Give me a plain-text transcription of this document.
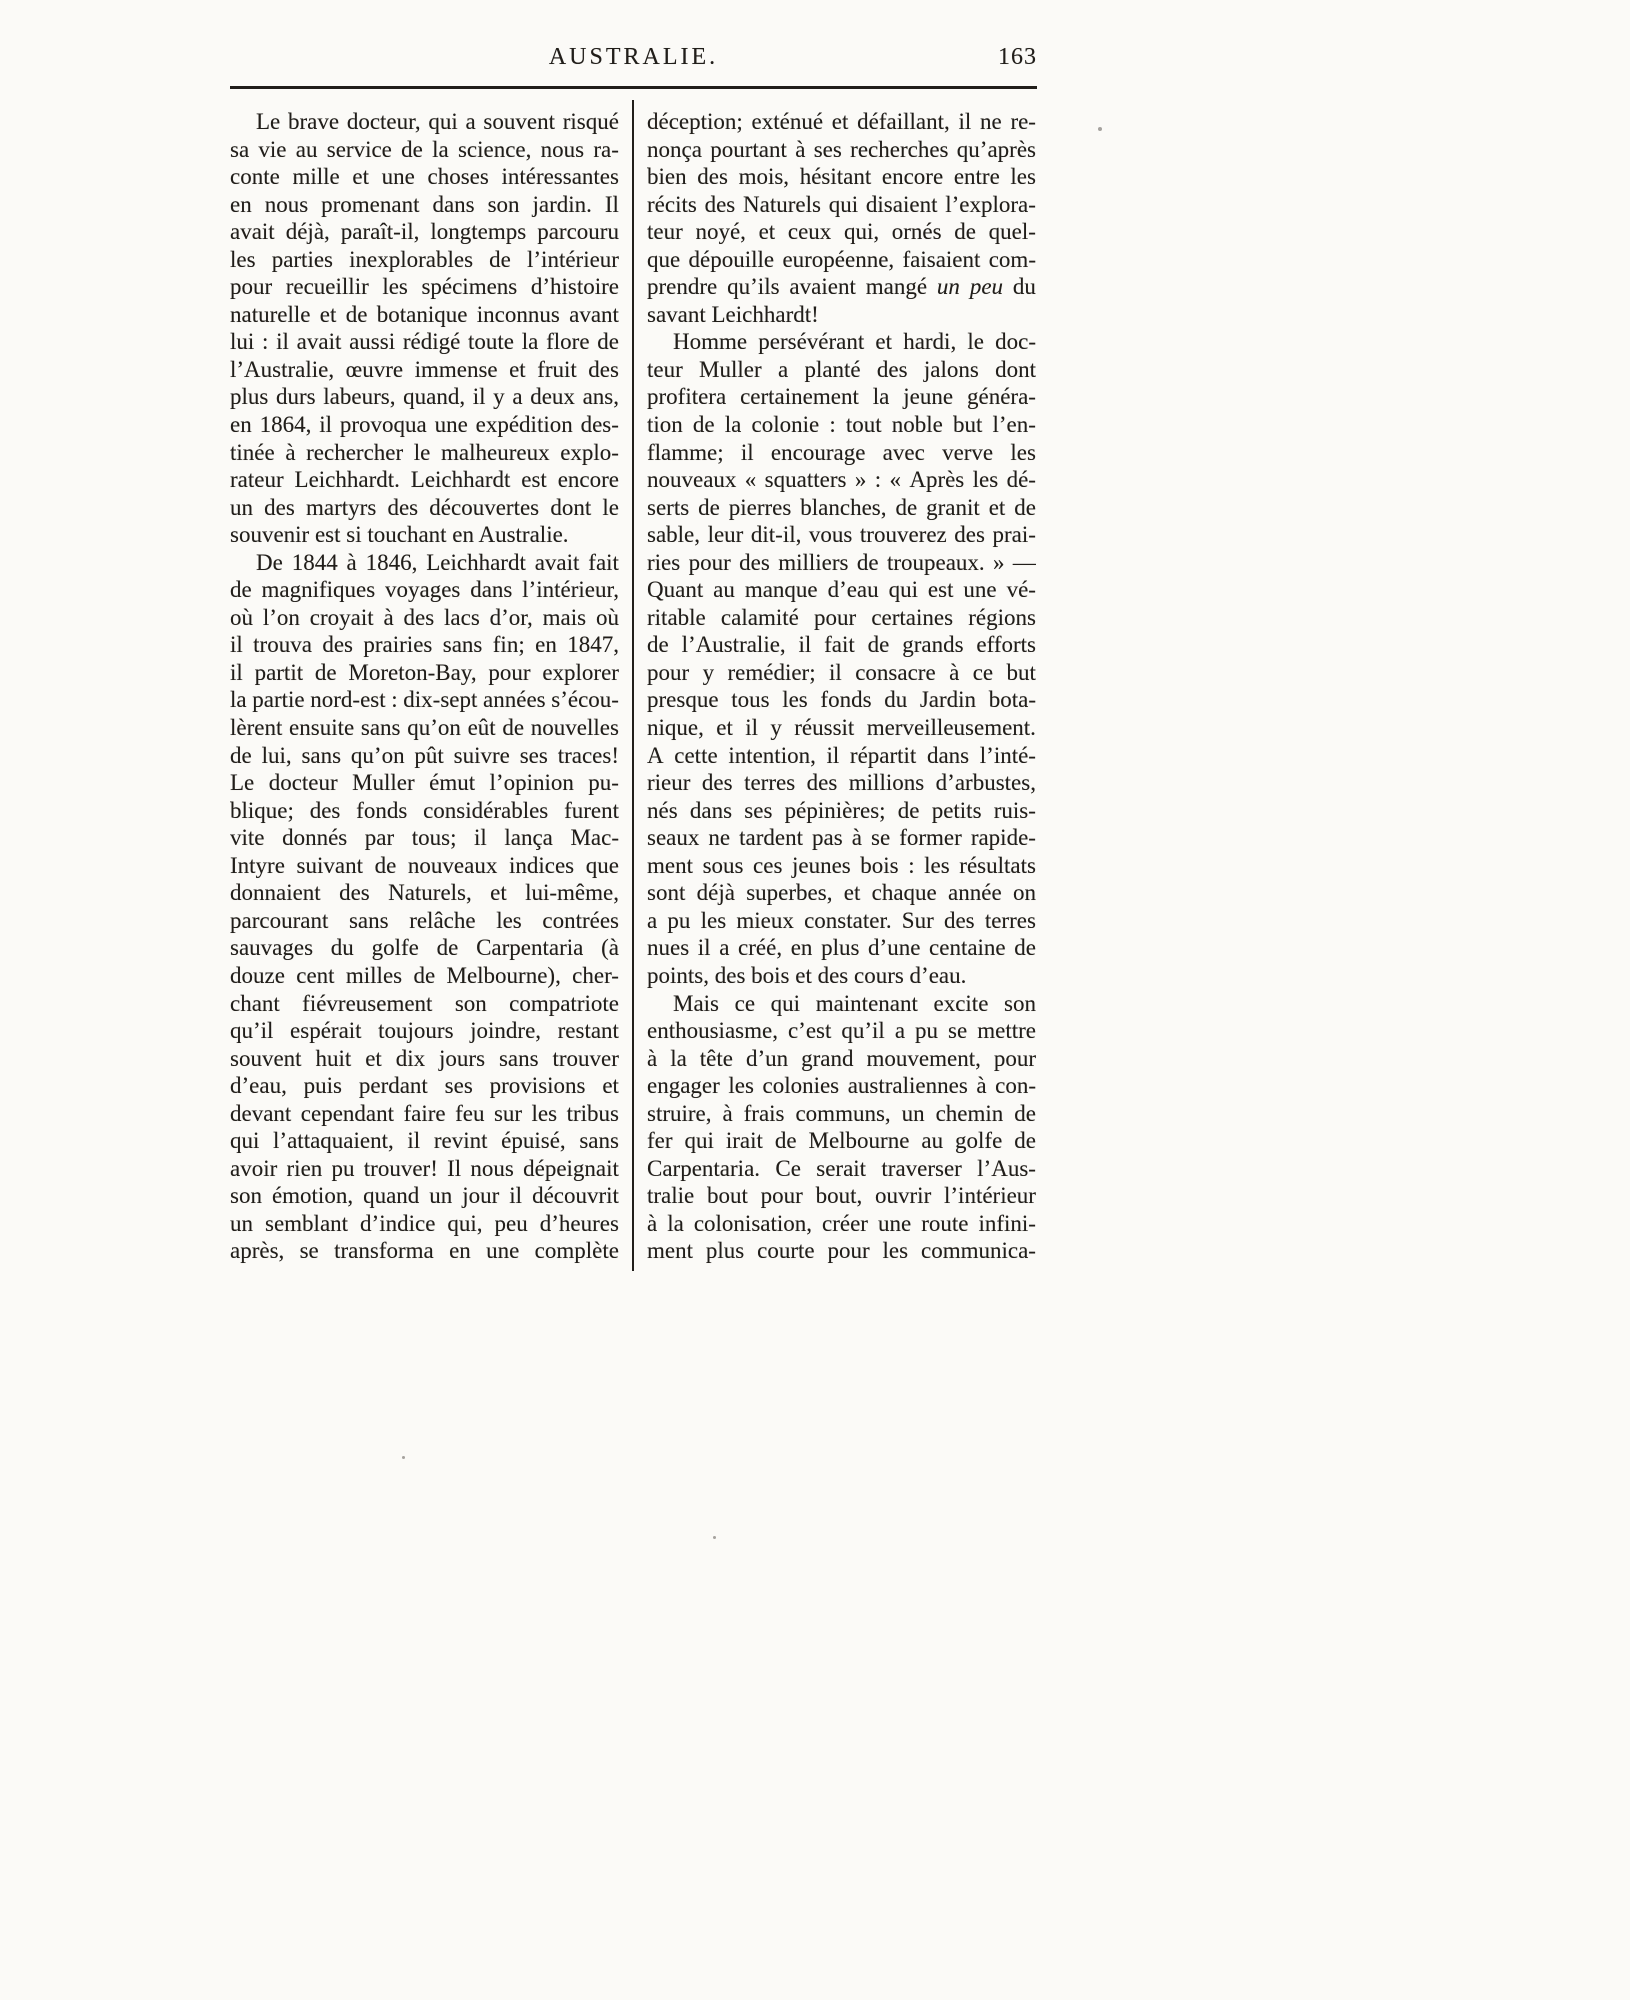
AUSTRALIE.	163
Le brave docteur, qui a souvent risqué
sa vie au service de la science, nous ra-
conte mille et une choses intéressantes
en nous promenant dans son jardin. Il
avait déjà, paraît-il, longtemps parcouru
les parties inexplorables de l’intérieur
pour recueillir les spécimens d’histoire
naturelle et de botanique inconnus avant
lui : il avait aussi rédigé toute la flore de
l’Australie, œuvre immense et fruit des
plus durs labeurs, quand, il y a deux ans,
en 1864, il provoqua une expédition des-
tinée à rechercher le malheureux explo-
rateur Leichhardt. Leichhardt est encore
un des martyrs des découvertes dont le
souvenir est si touchant en Australie.
De 1844 à 1846, Leichhardt avait fait
de magnifiques voyages dans l’intérieur,
où l’on croyait à des lacs d’or, mais où
il trouva des prairies sans fin; en 1847,
il partit de Moreton-Bay, pour explorer
la partie nord-est : dix-sept années s’écou-
lèrent ensuite sans qu’on eût de nouvelles
de lui, sans qu’on pût suivre ses traces!
Le docteur Muller émut l’opinion pu-
blique; des fonds considérables furent
vite donnés par tous; il lança Mac-
Intyre suivant de nouveaux indices que
donnaient des Naturels, et lui-même,
parcourant sans relâche les contrées
sauvages du golfe de Carpentaria (à
douze cent milles de Melbourne), cher-
chant fiévreusement son compatriote
qu’il espérait toujours joindre, restant
souvent huit et dix jours sans trouver
d’eau, puis perdant ses provisions et
devant cependant faire feu sur les tribus
qui l’attaquaient, il revint épuisé, sans
avoir rien pu trouver! Il nous dépeignait
son émotion, quand un jour il découvrit
un semblant d’indice qui, peu d’heures
après, se transforma en une complète
déception; exténué et défaillant, il ne re-
nonça pourtant à ses recherches qu’après
bien des mois, hésitant encore entre les
récits des Naturels qui disaient l’explora-
teur noyé, et ceux qui, ornés de quel-
que dépouille européenne, faisaient com-
prendre qu’ils avaient mangé un peu du
savant Leichhardt!
Homme persévérant et hardi, le doc-
teur Muller a planté des jalons dont
profitera certainement la jeune généra-
tion de la colonie : tout noble but l’en-
flamme; il encourage avec verve les
nouveaux « squatters » : « Après les dé-
serts de pierres blanches, de granit et de
sable, leur dit-il, vous trouverez des prai-
ries pour des milliers de troupeaux. » —
Quant au manque d’eau qui est une vé-
ritable calamité pour certaines régions
de l’Australie, il fait de grands efforts
pour y remédier; il consacre à ce but
presque tous les fonds du Jardin bota-
nique, et il y réussit merveilleusement.
A cette intention, il répartit dans l’inté-
rieur des terres des millions d’arbustes,
nés dans ses pépinières; de petits ruis-
seaux ne tardent pas à se former rapide-
ment sous ces jeunes bois : les résultats
sont déjà superbes, et chaque année on
a pu les mieux constater. Sur des terres
nues il a créé, en plus d’une centaine de
points, des bois et des cours d’eau.
Mais ce qui maintenant excite son
enthousiasme, c’est qu’il a pu se mettre
à la tête d’un grand mouvement, pour
engager les colonies australiennes à con-
struire, à frais communs, un chemin de
fer qui irait de Melbourne au golfe de
Carpentaria. Ce serait traverser l’Aus-
tralie bout pour bout, ouvrir l’intérieur
à la colonisation, créer une route infini-
ment plus courte pour les communica-
